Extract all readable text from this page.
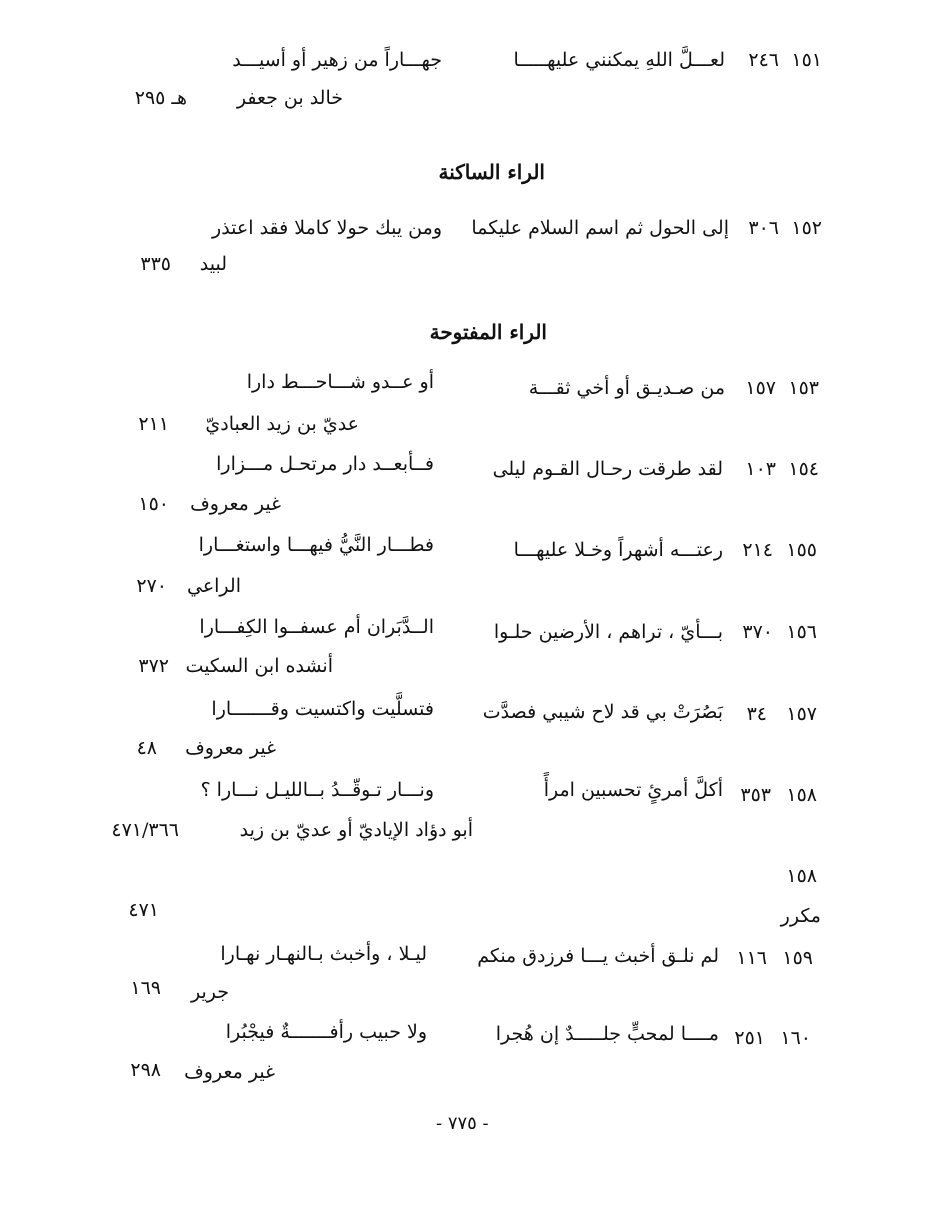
١٥١
٢٤٦
لعـــلَّ اللهِ يمكنني عليهـــــا
جهـــاراً من زهير أو أسيـــد
خالد بن جعفر
هـ ٢٩٥
الراء الساكنة
١٥٢
٣٠٦
إلى الحول ثم اسم السلام عليكما
ومن يبك حولا كاملا فقد اعتذر
لبيد
٣٣٥
الراء المفتوحة
١٥٣
١٥٧
من صـديـق أو أخي ثقـــة
أو عــدو شـــاحـــط دارا
عديّ بن زيد العباديّ
٢١١
١٥٤
١٠٣
لقد طرقت رحـال القـوم ليلى
فــأبعــد دار مرتحـل مـــزارا
غير معروف
١٥٠
١٥٥
٢١٤
رعتـــه أشهراً وخـلا عليهـــا
فطـــار النَّيُّ فيهـــا واستغـــارا
الراعي
٢٧٠
١٥٦
٣٧٠
بـــأيّ ، تراهم ، الأرضين حلـوا
الــدَّبَران أم عسفــوا الكِفـــارا
أنشده ابن السكيت
٣٧٢
١٥٧
٣٤
بَصُرَتْ بي قد لاح شيبي فصدَّت
فتسلَّيت واكتسيت وقـــــــارا
غير معروف
٤٨
١٥٨
٣٥٣
أكلَّ أمرئٍ تحسبين امرأً
ونـــار تـوقّــدُ بــالليـل نـــارا ؟
أبو دؤاد الإياديّ أو عديّ بن زيد
٤٧١/٣٦٦
١٥٨
٤٧١	مكرر
١٥٩
١١٦
لم نلـق أخبث يـــا فرزدق منكم
ليـلا ، وأخبث بـالنهـار نهـارا
جرير
١٦٩
١٦٠
٢٥١
مــــا لمحبٍّ جلـــــدٌ إن هُجرا
ولا حبيب رأفـــــــةٌ فيجْبُرا
غير معروف
٢٩٨
- ٧٧٥ -
